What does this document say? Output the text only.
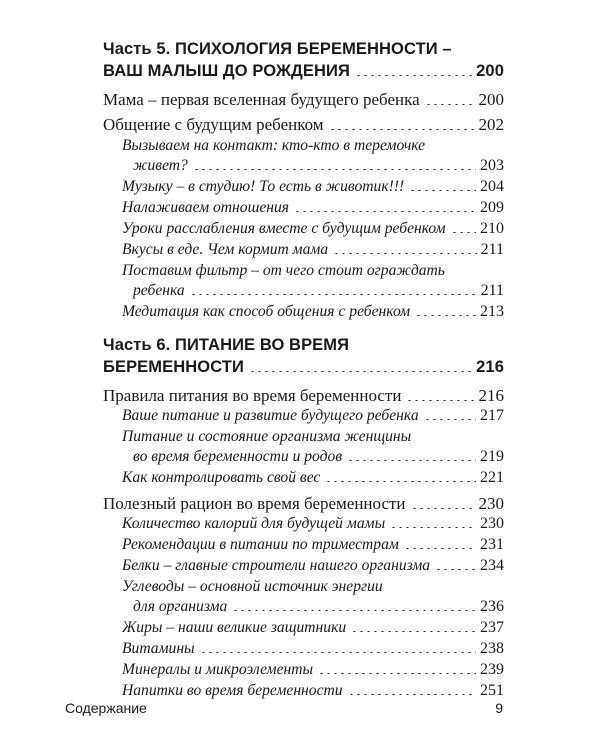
Часть 5. ПСИХОЛОГИЯ БЕРЕМЕННОСТИ –
ВАШ МАЛЫШ ДО РОЖДЕНИЯ	200
Мама – первая вселенная будущего ребенка	200
Общение с будущим ребенком	202
Вызываем на контакт: кто-кто в теремочке
живет?	203
Музыку – в студию! То есть в животик!!!	204
Налаживаем отношения	209
Уроки расслабления вместе с будущим ребенком 210
Вкусы в еде. Чем кормит мама	211
Поставим фильтр – от чего стоит ограждать
ребенка	211
Медитация как способ общения с ребенком	213
Часть 6. ПИТАНИЕ ВО ВРЕМЯ
БЕРЕМЕННОСТИ	216
Правила питания во время беременности	216
Ваше питание и развитие будущего ребенка	217
Питание и состояние организма женщины
во время беременности и родов	219
Как контролировать свой вес	221
Полезный рацион во время беременности	230
Количество калорий для будущей мамы	230
Рекомендации в питании по триместрам	231
Белки – главные строители нашего организма	234
Углеводы – основной источник энергии
для организма	236
Жиры – наши великие защитники	237
Витамины	238
Минералы и микроэлементы	239
Напитки во время беременности	251
Содержание	9
